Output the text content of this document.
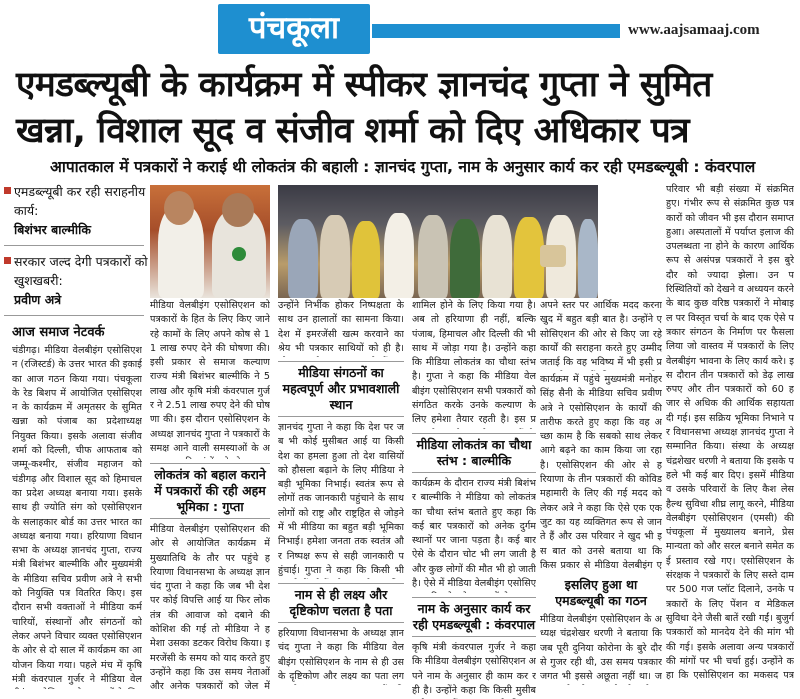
पंचकूला	www.aajsamaaj.com
एमडब्ल्यूबी के कार्यक्रम में स्पीकर ज्ञानचंद गुप्ता ने सुमित खन्ना, विशाल सूद व संजीव शर्मा को दिए अधिकार पत्र
आपातकाल में पत्रकारों ने कराई थी लोकतंत्र की बहाली : ज्ञानचंद गुप्ता, नाम के अनुसार कार्य कर रही एमडब्ल्यूबी : कंवरपाल
एमडब्ल्यूबी कर रही सराहनीय कार्य:
बिशंभर बाल्मीकि
सरकार जल्द देगी पत्रकारों को खुशखबरी:
प्रवीण अत्रे
आज समाज नेटवर्क
चंडीगढ़। मीडिया वेलबीइंग एसोसिएशन (रजिस्टर्ड) के उत्तर भारत की इकाई का आज गठन किया गया। पंचकूला के रेड बिशप में आयोजित एसोसिएशन के कार्यक्रम में अमृतसर के सुमित खन्ना को पंजाब का प्रदेशाध्यक्ष नियुक्त किया। इसके अलावा संजीव शर्मा को दिल्ली, चीफ आफताब को जम्मू-कश्मीर, संजीव महाजन को चंडीगढ़ और विशाल सूद को हिमाचल का प्रदेश अध्यक्ष बनाया गया। इसके साथ ही ज्योति संग को एसोसिएशन के सलाहकार बोर्ड का उत्तर भारत का अध्यक्ष बनाया गया। हरियाणा विधानसभा के अध्यक्ष ज्ञानचंद गुप्ता, राज्य मंत्री बिशंभर बाल्मीकि और मुख्यमंत्री के मीडिया सचिव प्रवीण अत्रे ने सभी को नियुक्ति पत्र वितरित किए। इस दौरान सभी वक्ताओं ने मीडिया कर्मचारियों, संस्थानों और संगठनों को लेकर अपने विचार व्यक्त एसोसिएशन के ओर से दो साल में कार्यक्रम का आयोजन किया गया। पहले मंच में कृषि मंत्री कंवरपाल गुर्जर ने मीडिया वेल
मीडिया वेलबीइंग एसोसिएशन को पत्रकारों के हित के लिए किए जाने रहे कामों के लिए अपने कोष से 11 लाख रुपए देने की घोषणा की। इसी प्रकार से समाज कल्याण राज्य मंत्री बिशंभर बाल्मीकि ने 5 लाख और कृषि मंत्री कंवरपाल गुर्जर ने 2.51 लाख रुपए देने की घोषणा की। इस दौरान एसोसिएशन के अध्यक्ष ज्ञानचंद गुप्ता ने पत्रकारों के समक्ष आने वाली समस्याओं के अ
लोकतंत्र को बहाल कराने में पत्रकारों की रही अहम भूमिका : गुप्ता
मीडिया वेलबीइंग एसोसिएशन की ओर से आयोजित कार्यक्रम में मुख्यातिथि के तौर पर पहुंचे हरियाणा विधानसभा के अध्यक्ष ज्ञानचंद गुप्ता ने कहा कि जब भी देश पर कोई विपत्ति आई या फिर लोकतंत्र की आवाज को दबाने की कोशिश की गई तो मीडिया ने हमेशा उसका डटकर विरोध किया। इमरजेंसी के समय को याद करते हुए उन्होंने कहा कि उस समय नेताओं और अनेक पत्रकारों को जेल में
उन्होंने निर्भीक होकर निष्पक्षता के साथ उन हालातों का सामना किया। देश में इमरजेंसी खत्म करवाने का श्रेय भी पत्रकार साथियों को ही है।
मीडिया संगठनों का महत्वपूर्ण और प्रभावशाली स्थान
ज्ञानचंद गुप्ता ने कहा कि देश पर जब भी कोई मुसीबत आई या किसी देश का हमला हुआ तो देश वासियों को हौसला बढ़ाने के लिए मीडिया ने बड़ी भूमिका निभाई। स्वतंत्र रूप से लोगों तक जानकारी पहुंचाने के साथ लोगों को राष्ट्र और राष्ट्रहित से जोड़ने में भी मीडिया का बहुत बड़ी भूमिका निभाई। हमेशा जनता तक स्वतंत्र और निष्पक्ष रूप से सही जानकारी पहुंचाई। गुप्ता ने कहा कि किसी भी
नाम से ही लक्ष्य और दृष्टिकोण चलता है पता
हरियाणा विधानसभा के अध्यक्ष ज्ञानचंद गुप्ता ने कहा कि मीडिया वेलबीइंग एसोसिएशन के नाम से ही उसके दृष्टिकोण और लक्ष्य का पता लग
शामिल होने के लिए किया गया है। अब तो हरियाणा ही नहीं, बल्कि पंजाब, हिमाचल और दिल्ली की भी साथ में जोड़ा गया है। उन्होंने कहा कि मीडिया लोकतंत्र का चौथा स्तंभ है। गुप्ता ने कहा कि मीडिया वेलबीइंग एसोसिएशन सभी पत्रकारों को संगठित करके उनके कल्याण के लिए हमेशा तैयार रहती है। इस प्र
मीडिया लोकतंत्र का चौथा स्तंभ : बाल्मीकि
कार्यक्रम के दौरान राज्य मंत्री बिशंभर बाल्मीकि ने मीडिया को लोकतंत्र का चौथा स्तंभ बताते हुए कहा कि कई बार पत्रकारों को अनेक दुर्गम स्थानों पर जाना पड़ता है। कई बार ऐसे के दौरान चोट भी लग जाती है और कुछ लोगों की मौत भी हो जाती है। ऐसे में मीडिया वेलबीइंग एसोसिए
नाम के अनुसार कार्य कर रही एमडब्ल्यूबी : कंवरपाल
कृषि मंत्री कंवरपाल गुर्जर ने कहा कि मीडिया वेलबीइंग एसोसिएशन अपने नाम के अनुसार ही काम कर रही है। उन्होंने कहा कि किसी मुसीब
अपने स्तर पर आर्थिक मदद करना खुद में बहुत बड़ी बात है। उन्होंने एसोसिएशन की ओर से किए जा रहे कार्यों की सराहना करते हुए उम्मीद जताई कि वह भविष्य में भी इसी प्र
कार्यक्रम में पहुंचे मुख्यमंत्री मनोहर सिंह सैनी के मीडिया सचिव प्रवीण अत्रे ने एसोसिएशन के कार्यों की तारीफ करते हुए कहा कि वह अच्छा काम है कि सबको साथ लेकर आगे बढ़ने का काम किया जा रहा है। एसोसिएशन की ओर से हरियाणा के तीन पत्रकारों की कोविड महामारी के लिए की गई मदद को लेकर अत्रे ने कहा कि ऐसे एक एकजुट का यह व्यक्तिगत रूप से जानते हैं और उस परिवार ने खुद भी इस बात को उनसे बताया था कि किस प्रकार से मीडिया वेलबीइंग ए
इसलिए हुआ था एमडब्ल्यूबी का गठन
मीडिया वेलबीइंग एसोसिएशन के अध्यक्ष चंद्रशेखर धरणी ने बताया कि जब पूरी दुनिया कोरोना के बुरे दौर से गुजर रही थी, उस समय पत्रकार जगत भी इससे अछूता नहीं था। ज
परिवार भी बड़ी संख्या में संक्रमित हुए। गंभीर रूप से संक्रमित कुछ पत्रकारों को जीवन भी इस दौरान समाप्त हुआ। अस्पतालों में पर्याप्त इलाज की उपलब्धता ना होने के कारण आर्थिक रूप से असंपन्न पत्रकारों ने इस बुरे दौर को ज्यादा झेला। उन परिस्थितियों को देखने व अध्ययन करने के बाद कुछ वरिष्ठ पत्रकारों ने मोबाइल पर विस्तृत चर्चा के बाद एक ऐसे पत्रकार संगठन के निर्माण पर फैसला लिया जो वास्तव में पत्रकारों के लिए वेलबीइंग भावना के लिए कार्य करे। इस दौरान तीन पत्रकारों को डेढ़ लाख रुपए और तीन पत्रकारों को 60 हजार से अधिक की आर्थिक सहायता दी गई। इस सक्रिय भूमिका निभाने पर विधानसभा अध्यक्ष ज्ञानचंद गुप्ता ने सम्मानित किया। संस्था के अध्यक्ष चंद्रशेखर धरणी ने बताया कि इसके पहले भी कई बार दिए। इसमें मीडिया व उसके परिवारों के लिए कैश लेस हैल्थ सुविधा शीघ्र लागू करने, मीडिया वेलबीइंग एसोसिएशन (एमसी) की पंचकूला में मुख्यालय बनाने, प्रेस मान्यता को और सरल बनाने समेत कई प्रस्ताव रखे गए। एसोसिएशन के संरक्षक ने पत्रकारों के लिए सस्ते दाम पर 500 गज प्लॉट दिलाने, उनके पत्रकारों के लिए पेंशन व मेडिकल सुविधा देने जैसी बातें रखी गईं। बुजुर्ग पत्रकारों को मानदेय देने की मांग भी की गई। इसके अलावा अन्य पत्रकारों की मांगों पर भी चर्चा हुई। उन्होंने कहा कि एसोसिएशन का मकसद पत्र
